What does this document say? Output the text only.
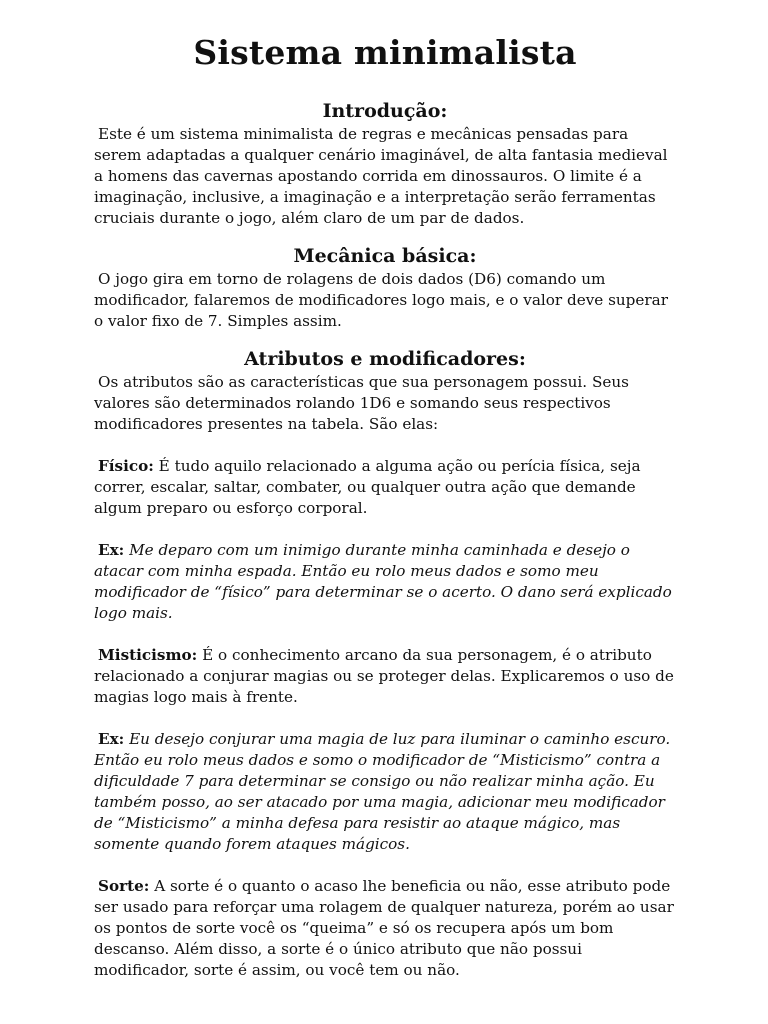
Sistema minimalista
Introdução:

Este é um sistema minimalista de regras e mecânicas pensadas para serem adaptadas a qualquer cenário imaginável, de alta fantasia medieval a homens das cavernas apostando corrida em dinossauros. O limite é a imaginação, inclusive, a imaginação e a interpretação serão ferramentas cruciais durante o jogo, além claro de um par de dados.

Mecânica básica:

O jogo gira em torno de rolagens de dois dados (D6) comando um modificador, falaremos de modificadores logo mais, e o valor deve superar o valor fixo de 7. Simples assim.

Atributos e modificadores:

Os atributos são as características que sua personagem possui. Seus valores são determinados rolando 1D6 e somando seus respectivos modificadores presentes na tabela. São elas:

Físico: É tudo aquilo relacionado a alguma ação ou perícia física, seja correr, escalar, saltar, combater, ou qualquer outra ação que demande algum preparo ou esforço corporal.

Ex: Me deparo com um inimigo durante minha caminhada e desejo o atacar com minha espada. Então eu rolo meus dados e somo meu modificador de “físico” para determinar se o acerto. O dano será explicado logo mais.

Misticismo: É o conhecimento arcano da sua personagem, é o atributo relacionado a conjurar magias ou se proteger delas. Explicaremos o uso de magias logo mais à frente.

Ex: Eu desejo conjurar uma magia de luz para iluminar o caminho escuro. Então eu rolo meus dados e somo o modificador de “Misticismo” contra a dificuldade 7 para determinar se consigo ou não realizar minha ação. Eu também posso, ao ser atacado por uma magia, adicionar meu modificador de “Misticismo” a minha defesa para resistir ao ataque mágico, mas somente quando forem ataques mágicos.

Sorte: A sorte é o quanto o acaso lhe beneficia ou não, esse atributo pode ser usado para reforçar uma rolagem de qualquer natureza, porém ao usar os pontos de sorte você os “queima” e só os recupera após um bom descanso. Além disso, a sorte é o único atributo que não possui modificador, sorte é assim, ou você tem ou não.
